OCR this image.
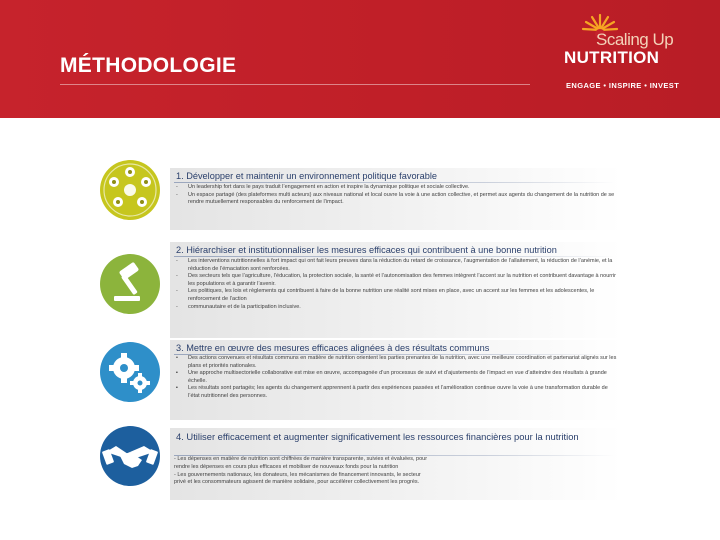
MÉTHODOLOGIE
Scaling Up
NUTRITION
ENGAGE • INSPIRE • INVEST
1. Développer et maintenir un environnement politique favorable
- Un leadership fort dans le pays traduit l’engagement en action et inspire la dynamique politique et sociale collective.
- Un espace partagé (des plateformes multi acteurs) aux niveaux national et local ouvre la voie à une action collective, et permet aux agents du changement de la nutrition de se rendre mutuellement responsables du renforcement de l’impact.
2. Hiérarchiser et institutionnaliser les mesures efficaces qui contribuent à une bonne nutrition
- Les interventions nutritionnelles à fort impact qui ont fait leurs preuves dans la réduction du retard de croissance, l’augmentation de l’allaitement, la réduction de l’anémie, et la réduction de l’émaciation sont renforcées.
- Des secteurs tels que l’agriculture, l’éducation, la protection sociale, la santé et l’autonomisation des femmes intègrent l’accent sur la nutrition et contribuent davantage à nourrir les populations et à garantir l’avenir.
- Les politiques, les lois et règlements qui contribuent à faire de la bonne nutrition une réalité sont mises en place, avec un accent sur les femmes et les adolescentes, le renforcement de l’action
- communautaire et de la participation inclusive.
3. Mettre en œuvre des mesures efficaces alignées à des résultats communs
• Des actions convenues et résultats communs en matière de nutrition orientent les parties prenantes de la nutrition, avec une meilleure coordination et partenariat alignés sur les plans et priorités nationales.
▪ Une approche multisectorielle collaborative est mise en œuvre, accompagnée d’un processus de suivi et d’ajustements de l’impact en vue d’atteindre des résultats à grande échelle.
▪ Les résultats sont partagés; les agents du changement apprennent à partir des expériences passées et l’amélioration continue ouvre la voie à une transformation durable de l’état nutritionnel des personnes.
4. Utiliser efficacement et augmenter significativement les ressources financières pour la nutrition
- Les dépenses en matière de nutrition sont chiffrées de manière transparente, suivies et évaluées, pour
rendre les dépenses en cours plus efficaces et mobiliser de nouveaux fonds pour la nutrition
- Les gouvernements nationaux, les donateurs, les mécanismes de financement innovants, le secteur
privé et les consommateurs agissent de manière solidaire, pour accélérer collectivement les progrès.
